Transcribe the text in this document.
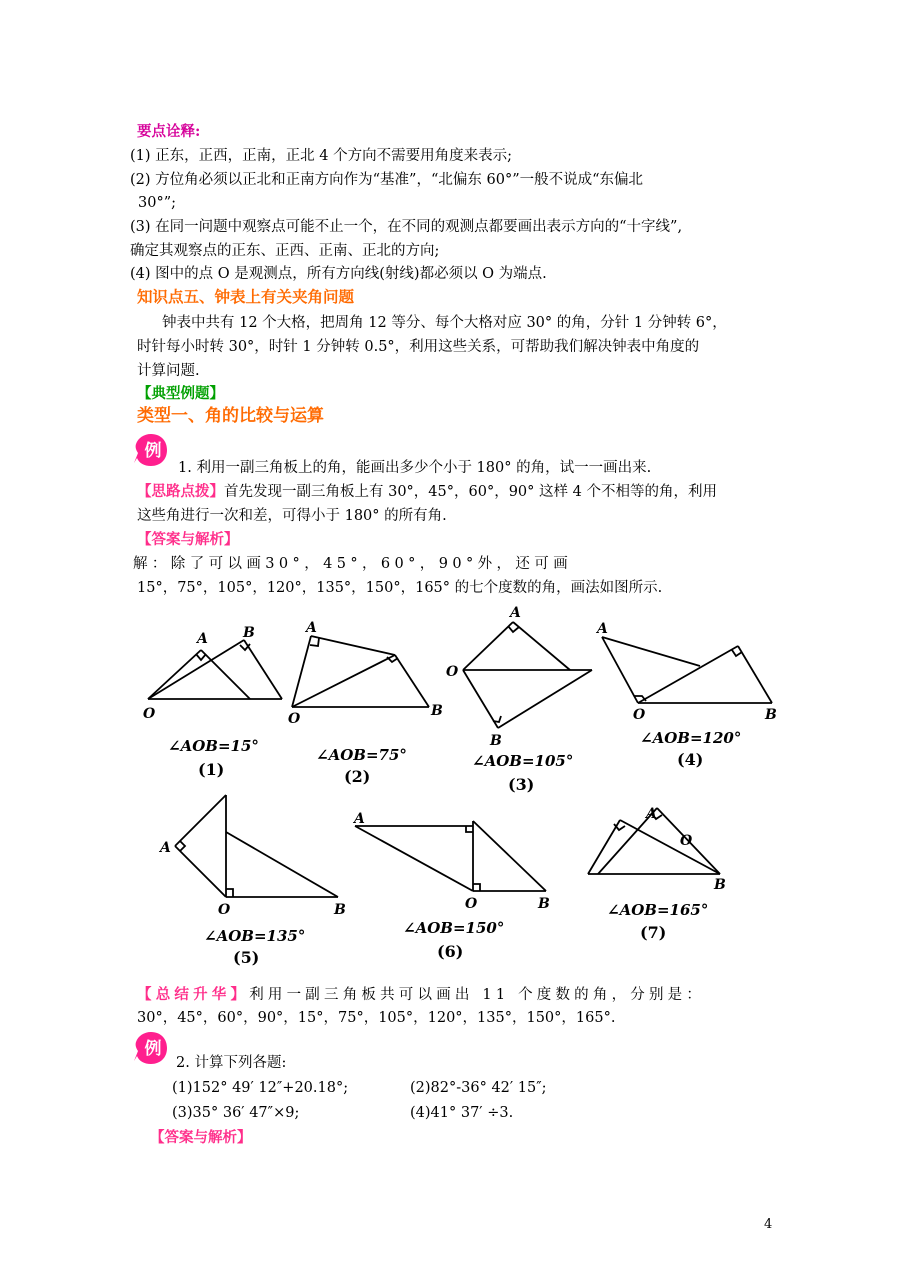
要点诠释:
(1) 正东，正西，正南，正北 4 个方向不需要用角度来表示;
(2) 方位角必须以正北和正南方向作为“基准”，“北偏东 60°”一般不说成“东偏北
30°”;
(3) 在同一问题中观察点可能不止一个，在不同的观测点都要画出表示方向的“十字线”,
确定其观察点的正东、正西、正南、正北的方向;
(4) 图中的点 O 是观测点，所有方向线(射线)都必须以 O 为端点.
知识点五、钟表上有关夹角问题
钟表中共有 12 个大格，把周角 12 等分、每个大格对应 30° 的角，分针 1 分钟转 6°，
时针每小时转 30°，时针 1 分钟转 0.5°，利用这些关系，可帮助我们解决钟表中角度的
计算问题.
【典型例题】
类型一、角的比较与运算
例
1. 利用一副三角板上的角，能画出多少个小于 180° 的角，试一一画出来.
【思路点拨】首先发现一副三角板上有 30°，45°，60°，90° 这样 4 个不相等的角，利用
这些角进行一次和差，可得小于 180° 的所有角.
【答案与解析】
解：除了可以画30°，45°，60°，90°外，还可画
15°，75°，105°，120°，135°，150°，165° 的七个度数的角，画法如图所示.
A	B
O
A
O	B
A
O
B
A
O	B
A
O	B
A
O	B
A
O
B
∠AOB=15°
(1)
∠AOB=75°
(2)
∠AOB=105°
(3)
∠AOB=120°
(4)
∠AOB=135°
(5)
∠AOB=150°
(6)
∠AOB=165°
(7)
【总结升华】利用一副三角板共可以画出 11 个度数的角，分别是：
30°，45°，60°，90°，15°，75°，105°，120°，135°，150°，165°.
例
2. 计算下列各题:
(1)152° 49′ 12″+20.18°;	(2)82°-36° 42′ 15″;
(3)35° 36′ 47″×9;	(4)41° 37′ ÷3.
【答案与解析】
4
